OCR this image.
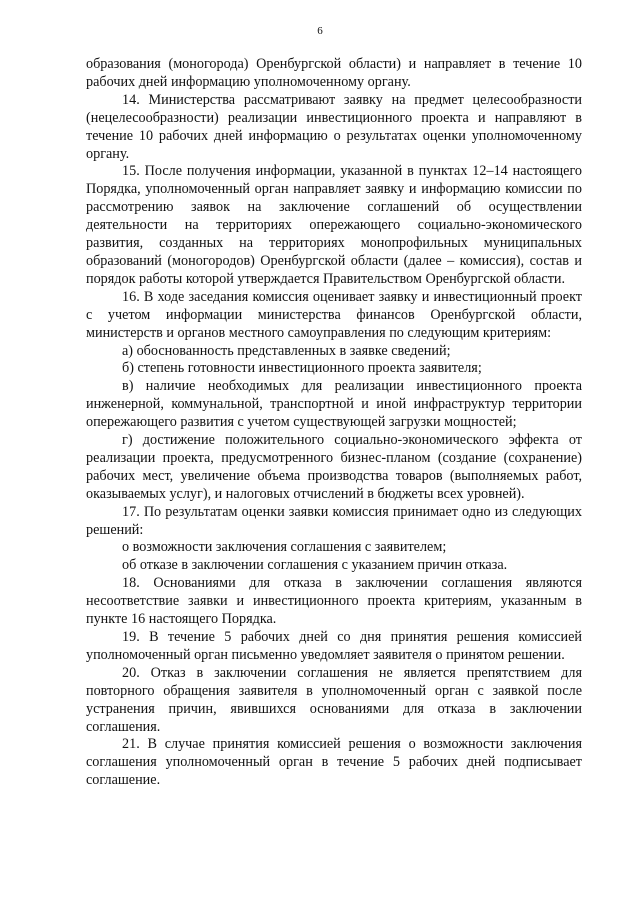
6

образования (моногорода) Оренбургской области) и направляет в течение 10 рабочих дней информацию уполномоченному органу.

14. Министерства рассматривают заявку на предмет целесообразности (нецелесообразности) реализации инвестиционного проекта и направляют в течение 10 рабочих дней информацию о результатах оценки уполномоченному органу.

15. После получения информации, указанной в пунктах 12–14 настоящего Порядка, уполномоченный орган направляет заявку и информацию комиссии по рассмотрению заявок на заключение соглашений об осуществлении деятельности на территориях опережающего социально-экономического развития, созданных на территориях монопрофильных муниципальных образований (моногородов) Оренбургской области (далее – комиссия), состав и порядок работы которой утверждается Правительством Оренбургской области.

16. В ходе заседания комиссия оценивает заявку и инвестиционный проект с учетом информации министерства финансов Оренбургской области, министерств и органов местного самоуправления по следующим критериям:

а) обоснованность представленных в заявке сведений;

б) степень готовности инвестиционного проекта заявителя;

в) наличие необходимых для реализации инвестиционного проекта инженерной, коммунальной, транспортной и иной инфраструктур территории опережающего развития с учетом существующей загрузки мощностей;

г) достижение положительного социально-экономического эффекта от реализации проекта, предусмотренного бизнес-планом (создание (сохранение) рабочих мест, увеличение объема производства товаров (выполняемых работ, оказываемых услуг), и налоговых отчислений в бюджеты всех уровней).

17. По результатам оценки заявки комиссия принимает одно из следующих решений:

о возможности заключения соглашения с заявителем;

об отказе в заключении соглашения с указанием причин отказа.

18. Основаниями для отказа в заключении соглашения являются несоответствие заявки и инвестиционного проекта критериям, указанным в пункте 16 настоящего Порядка.

19. В течение 5 рабочих дней со дня принятия решения комиссией уполномоченный орган письменно уведомляет заявителя о принятом решении.

20. Отказ в заключении соглашения не является препятствием для повторного обращения заявителя в уполномоченный орган с заявкой после устранения причин, явившихся основаниями для отказа в заключении соглашения.

21. В случае принятия комиссией решения о возможности заключения соглашения уполномоченный орган в течение 5 рабочих дней подписывает соглашение.
